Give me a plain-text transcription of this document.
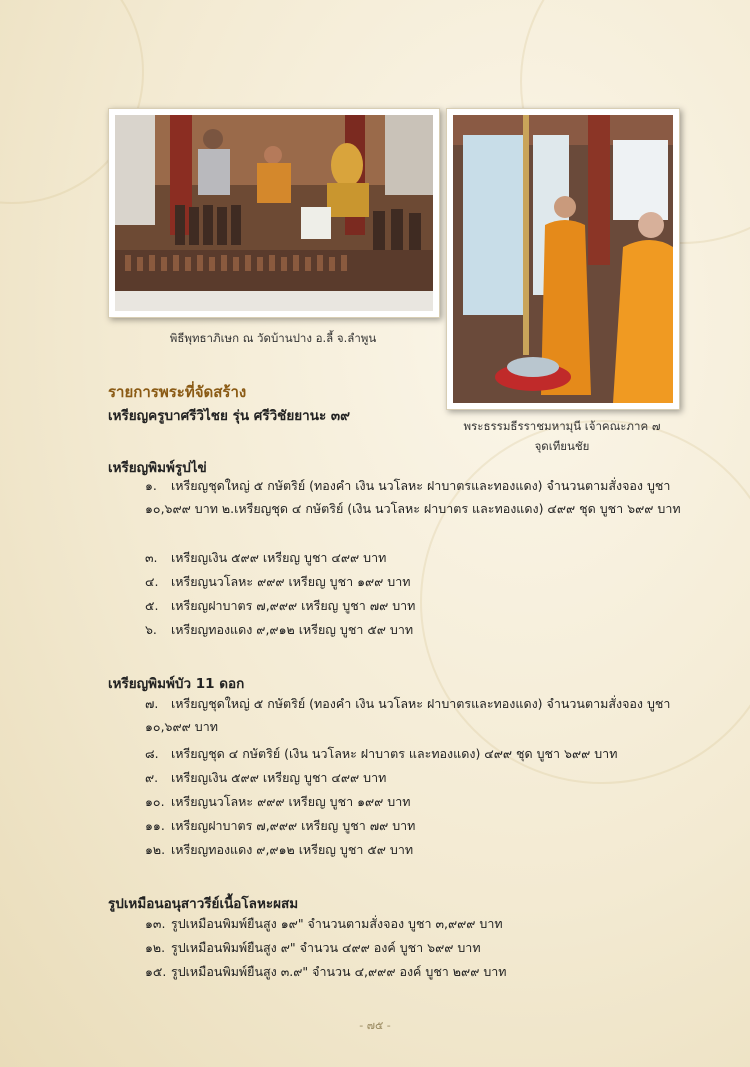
พิธีพุทธาภิเษก ณ วัดบ้านปาง อ.ลี้ จ.ลำพูน
พระธรรมธีรราชมหามุนี เจ้าคณะภาค ๗
จุดเทียนชัย
รายการพระที่จัดสร้าง
เหรียญครูบาศรีวิไชย รุ่น ศรีวิชัยยานะ ๓๙
เหรียญพิมพ์รูปไข่
๑. เหรียญชุดใหญ่ ๕ กษัตริย์ (ทองคำ เงิน นวโลหะ ฝาบาตรและทองแดง) จำนวนตามสั่งจอง บูชา ๑๐,๖๙๙ บาท ๒.เหรียญชุด ๔ กษัตริย์ (เงิน นวโลหะ ฝาบาตร และทองแดง) ๔๙๙ ชุด บูชา ๖๙๙ บาท
๓. เหรียญเงิน ๕๙๙ เหรียญ บูชา ๔๙๙ บาท
๔. เหรียญนวโลหะ ๙๙๙ เหรียญ บูชา ๑๙๙ บาท
๕. เหรียญฝาบาตร ๗,๙๙๙ เหรียญ บูชา ๗๙ บาท
๖. เหรียญทองแดง ๙,๙๑๒ เหรียญ บูชา ๕๙ บาท
เหรียญพิมพ์บัว 11 ดอก
๗. เหรียญชุดใหญ่ ๕ กษัตริย์ (ทองคำ เงิน นวโลหะ ฝาบาตรและทองแดง) จำนวนตามสั่งจอง บูชา ๑๐,๖๙๙ บาท
๘. เหรียญชุด ๔ กษัตริย์ (เงิน นวโลหะ ฝาบาตร และทองแดง) ๔๙๙ ชุด บูชา ๖๙๙ บาท
๙. เหรียญเงิน ๕๙๙ เหรียญ บูชา ๔๙๙ บาท
๑๐. เหรียญนวโลหะ ๙๙๙ เหรียญ บูชา ๑๙๙ บาท
๑๑. เหรียญฝาบาตร ๗,๙๙๙ เหรียญ บูชา ๗๙ บาท
๑๒. เหรียญทองแดง ๙,๙๑๒ เหรียญ บูชา ๕๙ บาท
รูปเหมือนอนุสาวรีย์เนื้อโลหะผสม
๑๓. รูปเหมือนพิมพ์ยืนสูง ๑๙" จำนวนตามสั่งจอง บูชา ๓,๙๙๙ บาท
๑๒. รูปเหมือนพิมพ์ยืนสูง ๙" จำนวน ๔๙๙ องค์ บูชา ๖๙๙ บาท
๑๕. รูปเหมือนพิมพ์ยืนสูง ๓.๙" จำนวน ๔,๙๙๙ องค์ บูชา ๒๙๙ บาท
- ๗๕ -
